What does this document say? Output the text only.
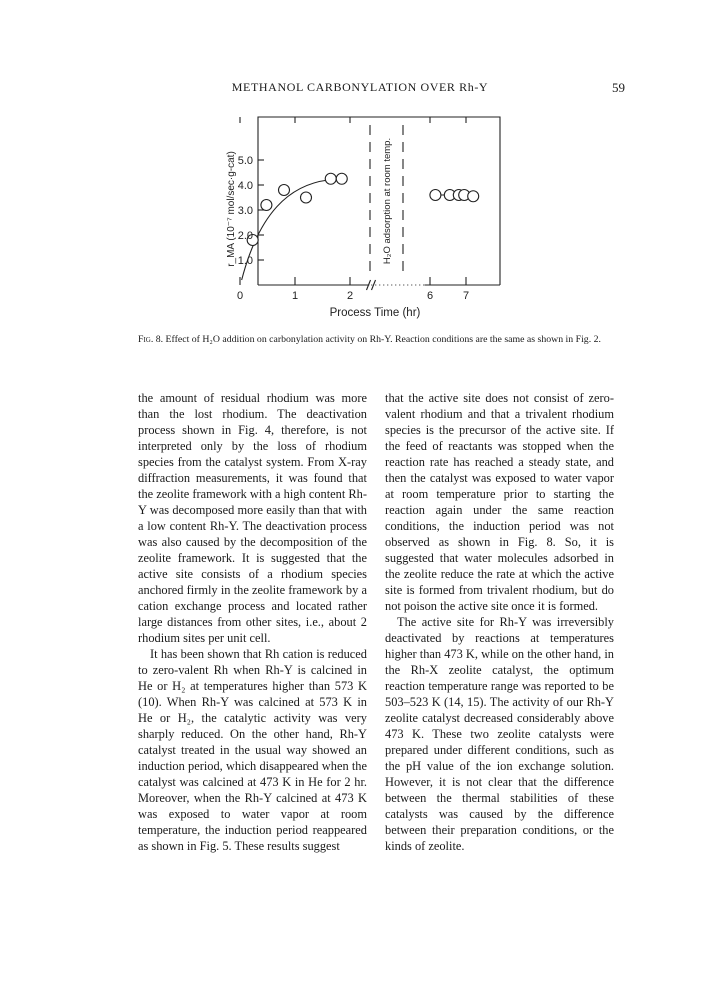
METHANOL CARBONYLATION OVER Rh-Y	59
1.0
2.0
3.0
4.0
5.0
0	1	2	6	7
Process Time (hr)
r_MA (10⁻⁷ mol/sec·g-cat)	H₂O adsorption at room temp.
Fig. 8. Effect of H₂O addition on carbonylation activity on Rh-Y. Reaction conditions are the same as shown in Fig. 2.

the amount of residual rhodium was more than the lost rhodium. The deactivation process shown in Fig. 4, therefore, is not interpreted only by the loss of rhodium species from the catalyst system. From X-ray diffraction measurements, it was found that the zeolite framework with a high content Rh-Y was decomposed more easily than that with a low content Rh-Y. The deactivation process was also caused by the decomposition of the zeolite framework. It is suggested that the active site consists of a rhodium species anchored firmly in the zeolite framework by a cation exchange process and located rather large distances from other sites, i.e., about 2 rhodium sites per unit cell.

It has been shown that Rh cation is reduced to zero-valent Rh when Rh-Y is calcined in He or H₂ at temperatures higher than 573 K (10). When Rh-Y was calcined at 573 K in He or H₂, the catalytic activity was very sharply reduced. On the other hand, Rh-Y catalyst treated in the usual way showed an induction period, which disappeared when the catalyst was calcined at 473 K in He for 2 hr. Moreover, when the Rh-Y calcined at 473 K was exposed to water vapor at room temperature, the induction period reappeared as shown in Fig. 5. These results suggest

that the active site does not consist of zero-valent rhodium and that a trivalent rhodium species is the precursor of the active site. If the feed of reactants was stopped when the reaction rate has reached a steady state, and then the catalyst was exposed to water vapor at room temperature prior to starting the reaction again under the same reaction conditions, the induction period was not observed as shown in Fig. 8. So, it is suggested that water molecules adsorbed in the zeolite reduce the rate at which the active site is formed from trivalent rhodium, but do not poison the active site once it is formed.

The active site for Rh-Y was irreversibly deactivated by reactions at temperatures higher than 473 K, while on the other hand, in the Rh-X zeolite catalyst, the optimum reaction temperature range was reported to be 503–523 K (14, 15). The activity of our Rh-Y zeolite catalyst decreased considerably above 473 K. These two zeolite catalysts were prepared under different conditions, such as the pH value of the ion exchange solution. However, it is not clear that the difference between the thermal stabilities of these catalysts was caused by the difference between their preparation conditions, or the kinds of zeolite.
